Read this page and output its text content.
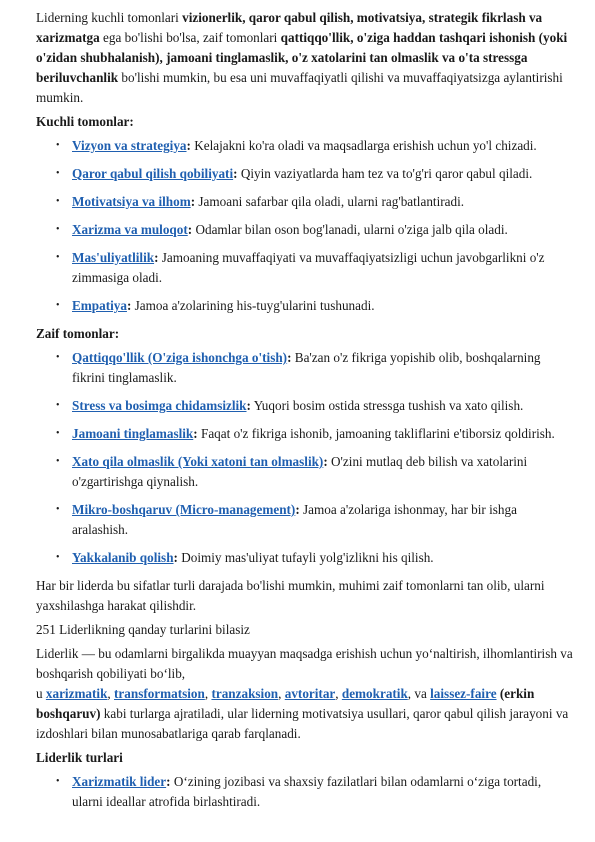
Liderning kuchli tomonlari vizionerlik, qaror qabul qilish, motivatsiya, strategik fikrlash va xarizmatga ega bo'lishi bo'lsa, zaif tomonlari qattiqqo'llik, o'ziga haddan tashqari ishonish (yoki o'zidan shubhalanish), jamoani tinglamaslik, o'z xatolarini tan olmaslik va o'ta stressga beriluvchanlik bo'lishi mumkin, bu esa uni muvaffaqiyatli qilishi va muvaffaqiyatsizga aylantirishi mumkin.

Kuchli tomonlar:

• Vizyon va strategiya: Kelajakni ko'ra oladi va maqsadlarga erishish uchun yo'l chizadi.
• Qaror qabul qilish qobiliyati: Qiyin vaziyatlarda ham tez va to'g'ri qaror qabul qiladi.
• Motivatsiya va ilhom: Jamoani safarbar qila oladi, ularni rag'batlantiradi.
• Xarizma va muloqot: Odamlar bilan oson bog'lanadi, ularni o'ziga jalb qila oladi.
• Mas'uliyatlilik: Jamoaning muvaffaqiyati va muvaffaqiyatsizligi uchun javobgarlikni o'z zimmasiga oladi.
• Empatiya: Jamoa a'zolarining his-tuyg'ularini tushunadi.

Zaif tomonlar:

• Qattiqqo'llik (O'ziga ishonchga o'tish): Ba'zan o'z fikriga yopishib olib, boshqalarning fikrini tinglamaslik.
• Stress va bosimga chidamsizlik: Yuqori bosim ostida stressga tushish va xato qilish.
• Jamoani tinglamaslik: Faqat o'z fikriga ishonib, jamoaning takliflarini e'tiborsiz qoldirish.
• Xato qila olmaslik (Yoki xatoni tan olmaslik): O'zini mutlaq deb bilish va xatolarini o'zgartirishga qiynalish.
• Mikro-boshqaruv (Micro-management): Jamoa a'zolariga ishonmay, har bir ishga aralashish.
• Yakkalanib qolish: Doimiy mas'uliyat tufayli yolg'izlikni his qilish.

Har bir liderda bu sifatlar turli darajada bo'lishi mumkin, muhimi zaif tomonlarni tan olib, ularni yaxshilashga harakat qilishdir.

251 Liderlikning qanday turlarini bilasiz

Liderlik — bu odamlarni birgalikda muayyan maqsadga erishish uchun yo‘naltirish, ilhomlantirish va boshqarish qobiliyati bo‘lib,
u xarizmatik, transformatsion, tranzaksion, avtoritar, demokratik, va laissez-faire (erkin boshqaruv) kabi turlarga ajratiladi, ular liderning motivatsiya usullari, qaror qabul qilish jarayoni va izdoshlari bilan munosabatlariga qarab farqlanadi.

Liderlik turlari

• Xarizmatik lider: O‘zining jozibasi va shaxsiy fazilatlari bilan odamlarni o‘ziga tortadi, ularni ideallar atrofida birlashtiradi.
